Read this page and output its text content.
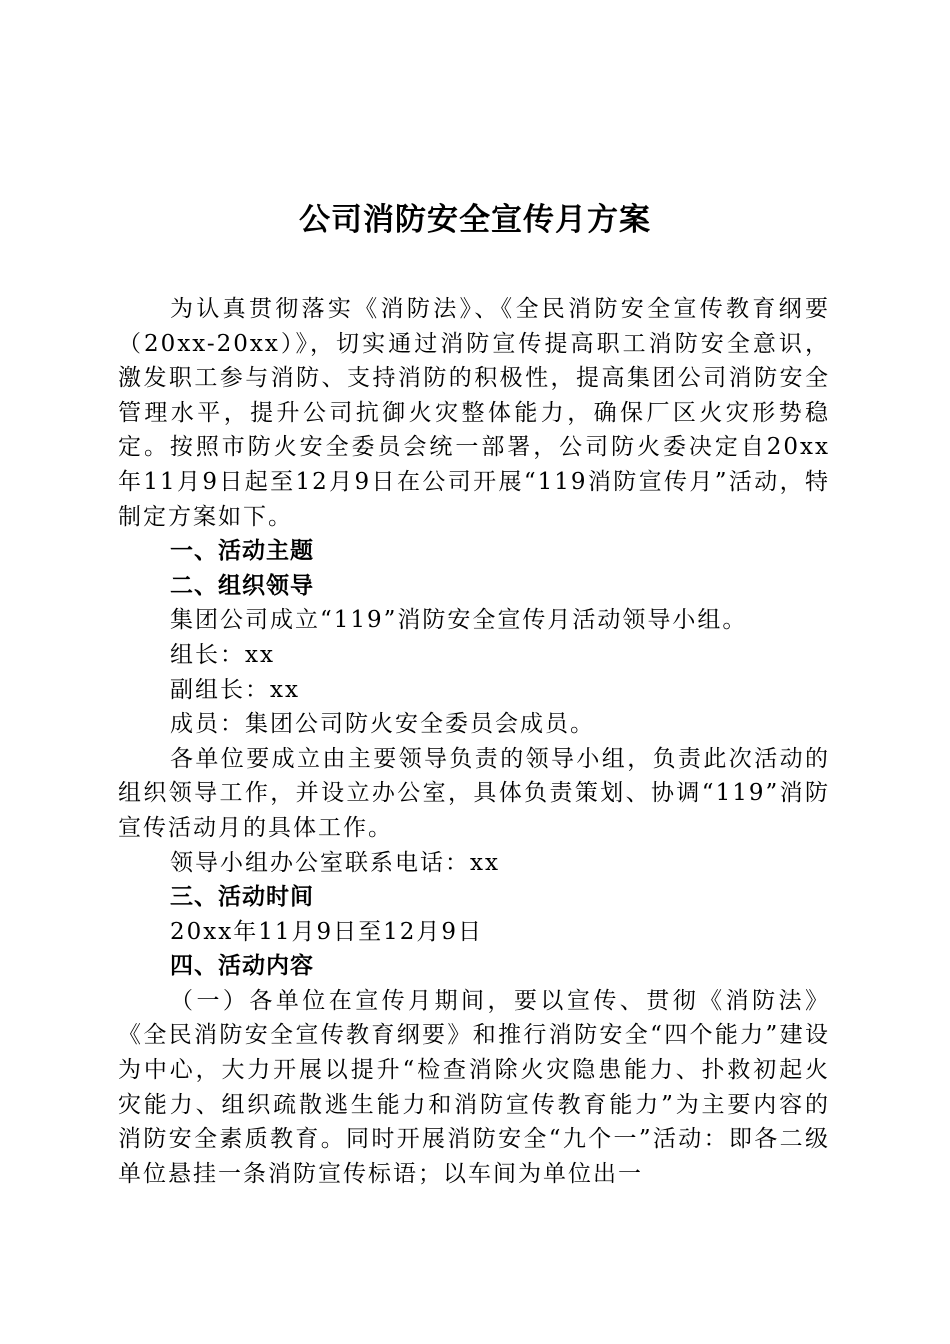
公司消防安全宣传月方案

为认真贯彻落实《消防法》、《全民消防安全宣传教育纲要（20xx-20xx）》，切实通过消防宣传提高职工消防安全意识，激发职工参与消防、支持消防的积极性，提高集团公司消防安全管理水平，提升公司抗御火灾整体能力，确保厂区火灾形势稳定。按照市防火安全委员会统一部署，公司防火委决定自20xx年11月9日起至12月9日在公司开展“119消防宣传月”活动，特制定方案如下。

一、活动主题

二、组织领导

集团公司成立“119”消防安全宣传月活动领导小组。

组长：xx

副组长：xx

成员：集团公司防火安全委员会成员。

各单位要成立由主要领导负责的领导小组，负责此次活动的组织领导工作，并设立办公室，具体负责策划、协调“119”消防宣传活动月的具体工作。

领导小组办公室联系电话：xx

三、活动时间

20xx年11月9日至12月9日

四、活动内容

（一）各单位在宣传月期间，要以宣传、贯彻《消防法》《全民消防安全宣传教育纲要》和推行消防安全“四个能力”建设为中心，大力开展以提升“检查消除火灾隐患能力、扑救初起火灾能力、组织疏散逃生能力和消防宣传教育能力”为主要内容的消防安全素质教育。同时开展消防安全“九个一”活动：即各二级单位悬挂一条消防宣传标语；以车间为单位出一
